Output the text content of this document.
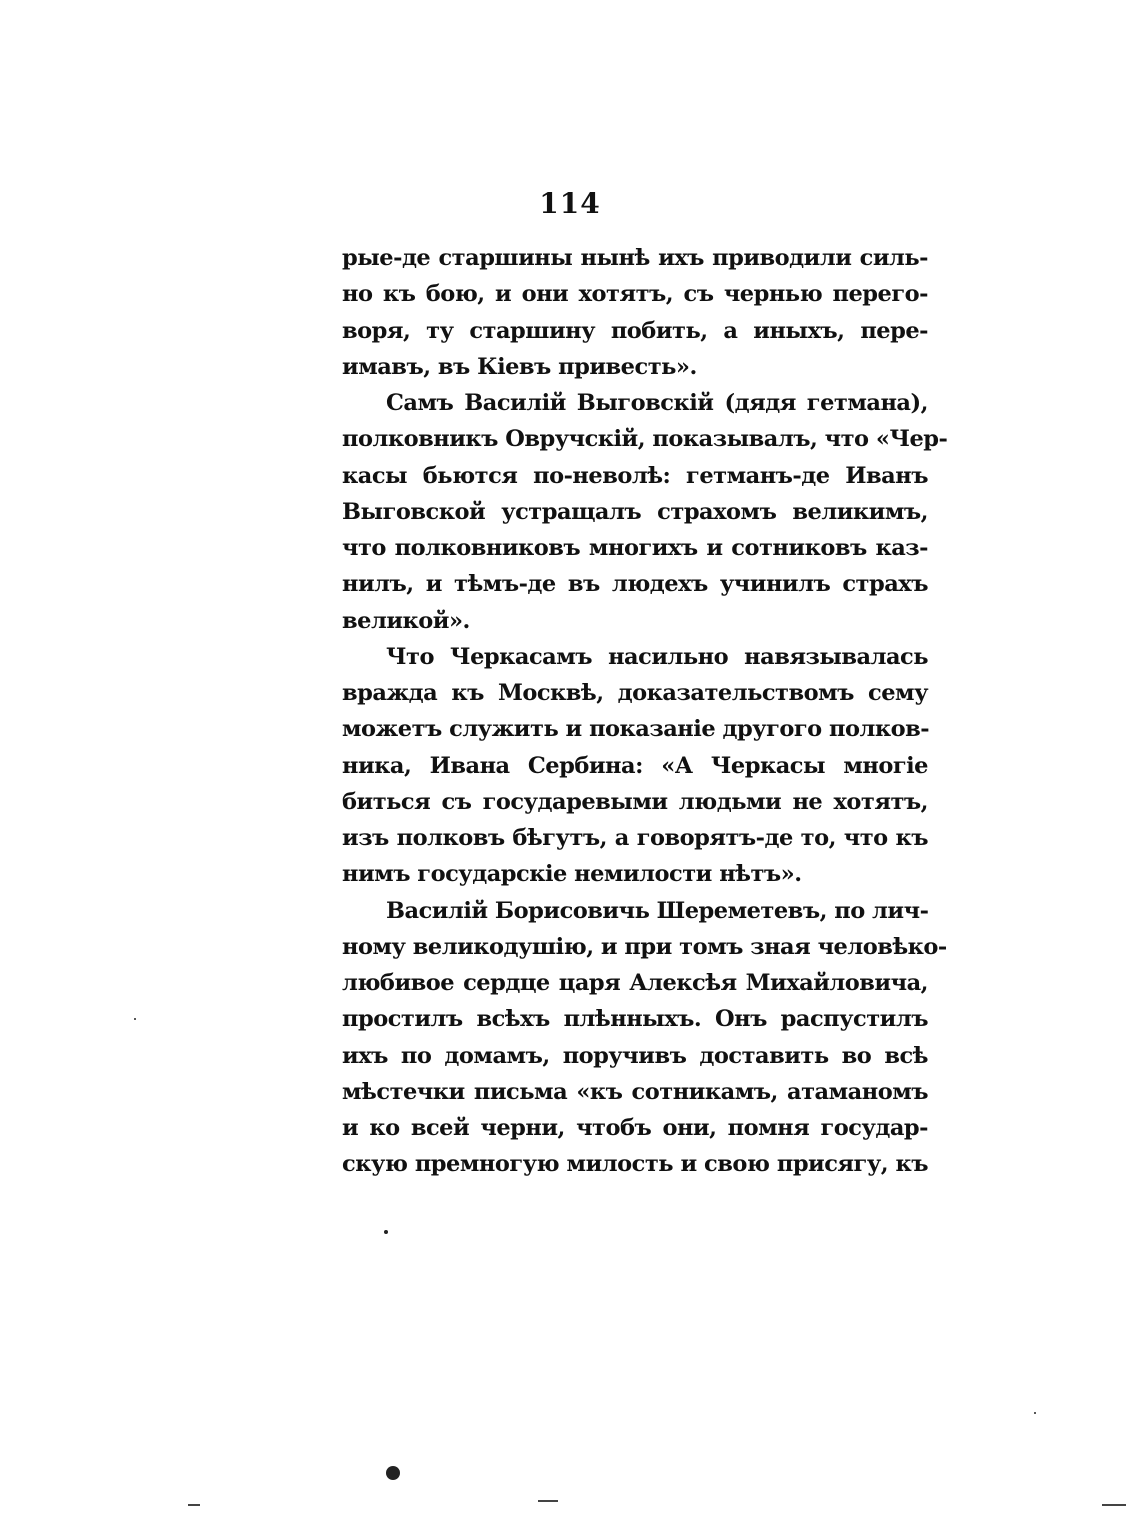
114
рые-де старшины нынѣ ихъ приводили силь-
но къ бою, и они хотятъ, съ чернью перего-
воря, ту старшину побить, а иныхъ, пере-
имавъ, въ Кіевъ привесть».
Самъ Василій Выговскій (дядя гетмана),
полковникъ Овручскій, показывалъ, что «Чер-
касы бьются по-неволѣ: гетманъ-де Иванъ
Выговской устращалъ страхомъ великимъ,
что полковниковъ многихъ и сотниковъ каз-
нилъ, и тѣмъ-де въ людехъ учинилъ страхъ
великой».
Что Черкасамъ насильно навязывалась
вражда къ Москвѣ, доказательствомъ сему
можетъ служить и показаніе другого полков-
ника, Ивана Сербина: «А Черкасы многіе
биться съ государевыми людьми не хотятъ,
изъ полковъ бѣгутъ, а говорятъ-де то, что къ
нимъ государскіе немилости нѣтъ».
Василій Борисовичь Шереметевъ, по лич-
ному великодушію, и при томъ зная человѣко-
любивое сердце царя Алексѣя Михайловича,
простилъ всѣхъ плѣнныхъ. Онъ распустилъ
ихъ по домамъ, поручивъ доставить во всѣ
мѣстечки письма «къ сотникамъ, атаманомъ
и ко всей черни, чтобъ они, помня государ-
скую премногую милость и свою присягу, къ
